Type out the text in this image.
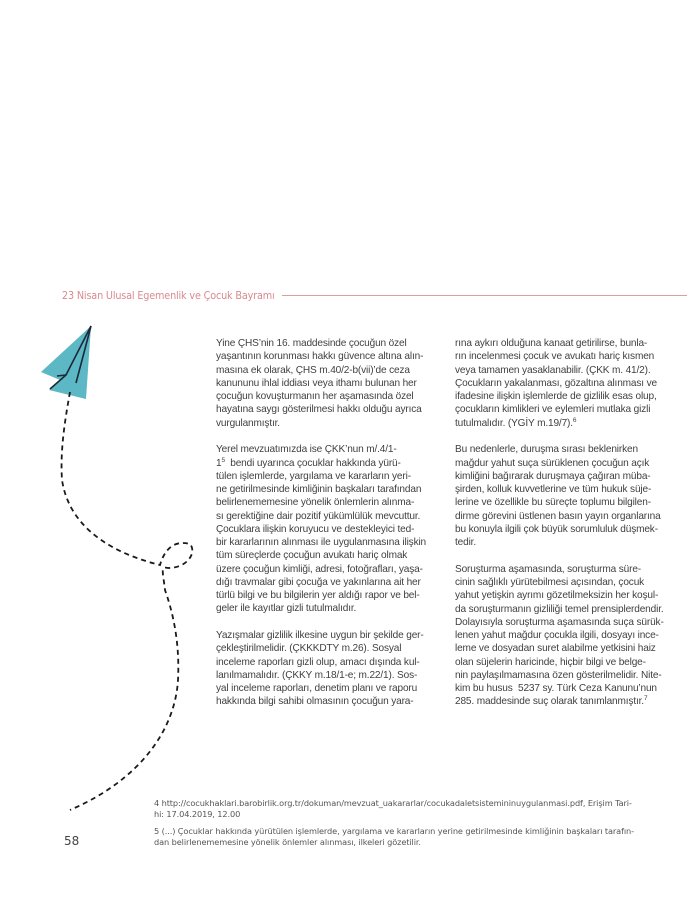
23 Nisan Ulusal Egemenlik ve Çocuk Bayramı

Yine ÇHS’nin 16. maddesinde çocuğun özel
yaşantının korunması hakkı güvence altına alın-
masına ek olarak, ÇHS m.40/2-b(vii)’de ceza
kanununu ihlal iddiası veya ithamı bulunan her
çocuğun kovuşturmanın her aşamasında özel
hayatına saygı gösterilmesi hakkı olduğu ayrıca
vurgulanmıştır.

Yerel mevzuatımızda ise ÇKK’nun m/.4/1-
$1^5$  bendi uyarınca çocuklar hakkında yürü-
tülen işlemlerde, yargılama ve kararların yeri-
ne getirilmesinde kimliğinin başkaları tarafından
belirlenememesine yönelik önlemlerin alınma-
sı gerektiğine dair pozitif yükümlülük mevcuttur.
Çocuklara ilişkin koruyucu ve destekleyici ted-
bir kararlarının alınması ile uygulanmasına ilişkin
tüm süreçlerde çocuğun avukatı hariç olmak
üzere çocuğun kimliği, adresi, fotoğrafları, yaşa-
dığı travmalar gibi çocuğa ve yakınlarına ait her
türlü bilgi ve bu bilgilerin yer aldığı rapor ve bel-
geler ile kayıtlar gizli tutulmalıdır.

Yazışmalar gizlilik ilkesine uygun bir şekilde ger-
çekleştirilmelidir. (ÇKKKDTY m.26). Sosyal
inceleme raporları gizli olup, amacı dışında kul-
lanılmamalıdır. (ÇKKY m.18/1-e; m.22/1). Sos-
yal inceleme raporları, denetim planı ve raporu
hakkında bilgi sahibi olmasının çocuğun yara-

rına aykırı olduğuna kanaat getirilirse, bunla-
rın incelenmesi çocuk ve avukatı hariç kısmen
veya tamamen yasaklanabilir. (ÇKK m. 41/2).
Çocukların yakalanması, gözaltına alınması ve
ifadesine ilişkin işlemlerde de gizlilik esas olup,
çocukların kimlikleri ve eylemleri mutlaka gizli
tutulmalıdır. (YGİY m.19/7).$^6$

Bu nedenlerle, duruşma sırası beklenirken
mağdur yahut suça sürüklenen çocuğun açık
kimliğini bağırarak duruşmaya çağıran müba-
şirden, kolluk kuvvetlerine ve tüm hukuk süje-
lerine ve özellikle bu süreçte toplumu bilgilen-
dirme görevini üstlenen basın yayın organlarına
bu konuyla ilgili çok büyük sorumluluk düşmek-
tedir.

Soruşturma aşamasında, soruşturma süre-
cinin sağlıklı yürütebilmesi açısından, çocuk
yahut yetişkin ayrımı gözetilmeksizin her koşul-
da soruşturmanın gizliliği temel prensiplerdendir.
Dolayısıyla soruşturma aşamasında suça sürük-
lenen yahut mağdur çocukla ilgili, dosyayı ince-
leme ve dosyadan suret alabilme yetkisini haiz
olan süjelerin haricinde, hiçbir bilgi ve belge-
nin paylaşılmamasına özen gösterilmelidir. Nite-
kim bu husus  5237 sy. Türk Ceza Kanunu’nun
285. maddesinde suç olarak tanımlanmıştır.$^7$

4 http://cocukhaklari.barobirlik.org.tr/dokuman/mevzuat_uakararlar/cocukadaletsistemininuygulanmasi.pdf, Erişim Tari-
hi: 17.04.2019, 12.00
5 (...) Çocuklar hakkında yürütülen işlemlerde, yargılama ve kararların yerine getirilmesinde kimliğinin başkaları tarafın-
dan belirlenememesine yönelik önlemler alınması, ilkeleri gözetilir.
58
